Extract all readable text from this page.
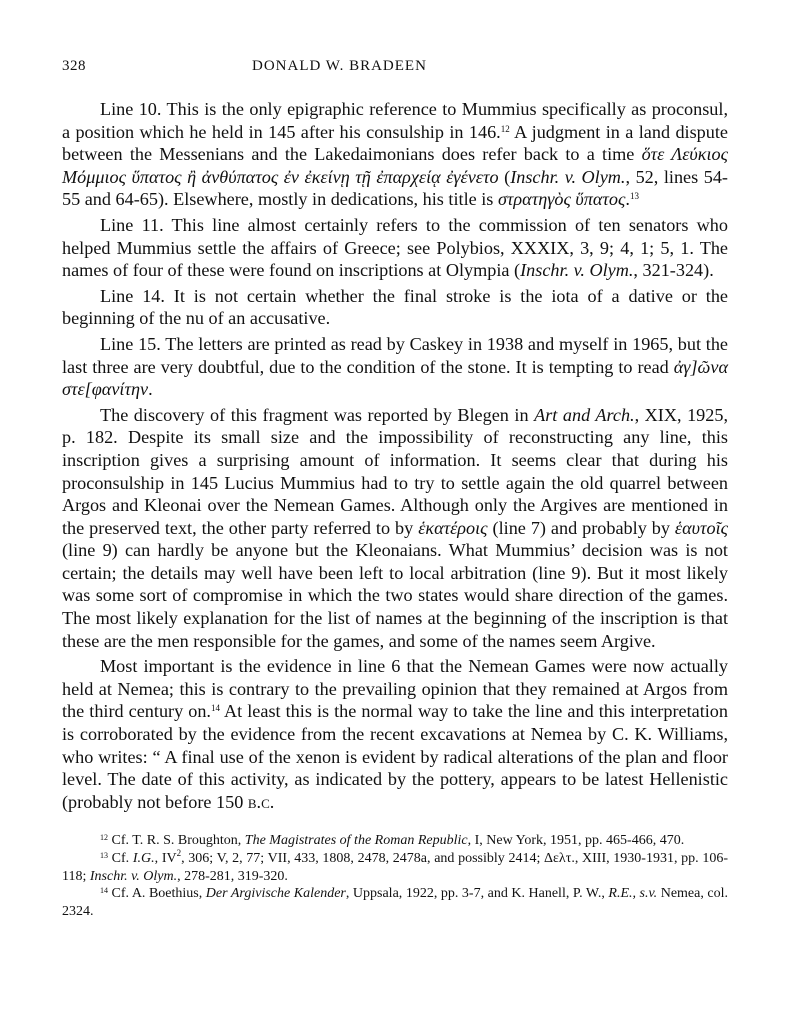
328	DONALD W. BRADEEN

Line 10. This is the only epigraphic reference to Mummius specifically as proconsul, a position which he held in 145 after his consulship in 146.12 A judgment in a land dispute between the Messenians and the Lakedaimonians does refer back to a time ὅτε Λεύκιος Μόμμιος ὕπατος ἢ ἀνθύπατος ἐν ἐκείνῃ τῇ ἐπαρχείᾳ ἐγένετο (Inschr. v. Olym., 52, lines 54-55 and 64-65). Elsewhere, mostly in dedications, his title is στρατηγὸς ὕπατος.$^{13}$

Line 11. This line almost certainly refers to the commission of ten senators who helped Mummius settle the affairs of Greece; see Polybios, XXXIX, 3, 9; 4, 1; 5, 1. The names of four of these were found on inscriptions at Olympia (Inschr. v. Olym., 321-324).

Line 14. It is not certain whether the final stroke is the iota of a dative or the beginning of the nu of an accusative.

Line 15. The letters are printed as read by Caskey in 1938 and myself in 1965, but the last three are very doubtful, due to the condition of the stone. It is tempting to read ἀγ]ῶνα στε[φανίτην.

The discovery of this fragment was reported by Blegen in Art and Arch., XIX, 1925, p. 182. Despite its small size and the impossibility of reconstructing any line, this inscription gives a surprising amount of information. It seems clear that during his proconsulship in 145 Lucius Mummius had to try to settle again the old quarrel between Argos and Kleonai over the Nemean Games. Although only the Argives are mentioned in the preserved text, the other party referred to by ἑκατέροις (line 7) and probably by ἑαυτοῖς (line 9) can hardly be anyone but the Kleonaians. What Mummius’ decision was is not certain; the details may well have been left to local arbitration (line 9). But it most likely was some sort of compromise in which the two states would share direction of the games. The most likely explanation for the list of names at the beginning of the inscription is that these are the men responsible for the games, and some of the names seem Argive.

Most important is the evidence in line 6 that the Nemean Games were now actually held at Nemea; this is contrary to the prevailing opinion that they remained at Argos from the third century on.$^{14}$ At least this is the normal way to take the line and this interpretation is corroborated by the evidence from the recent excavations at Nemea by C. K. Williams, who writes: “ A final use of the xenon is evident by radical alterations of the plan and floor level. The date of this activity, as indicated by the pottery, appears to be latest Hellenistic (probably not before 150 b.c.

$^{12}$ Cf. T. R. S. Broughton, The Magistrates of the Roman Republic, I, New York, 1951, pp. 465-466, 470.

$^{13}$ Cf. I.G., $IV^2$, 306; V, 2, 77; VII, 433, 1808, 2478, 2478a, and possibly 2414; Δελτ., XIII, 1930-1931, pp. 106-118; Inschr. v. Olym., 278-281, 319-320.

$^{14}$ Cf. A. Boethius, Der Argivische Kalender, Uppsala, 1922, pp. 3-7, and K. Hanell, P. W., R.E., s.v. Nemea, col. 2324.
